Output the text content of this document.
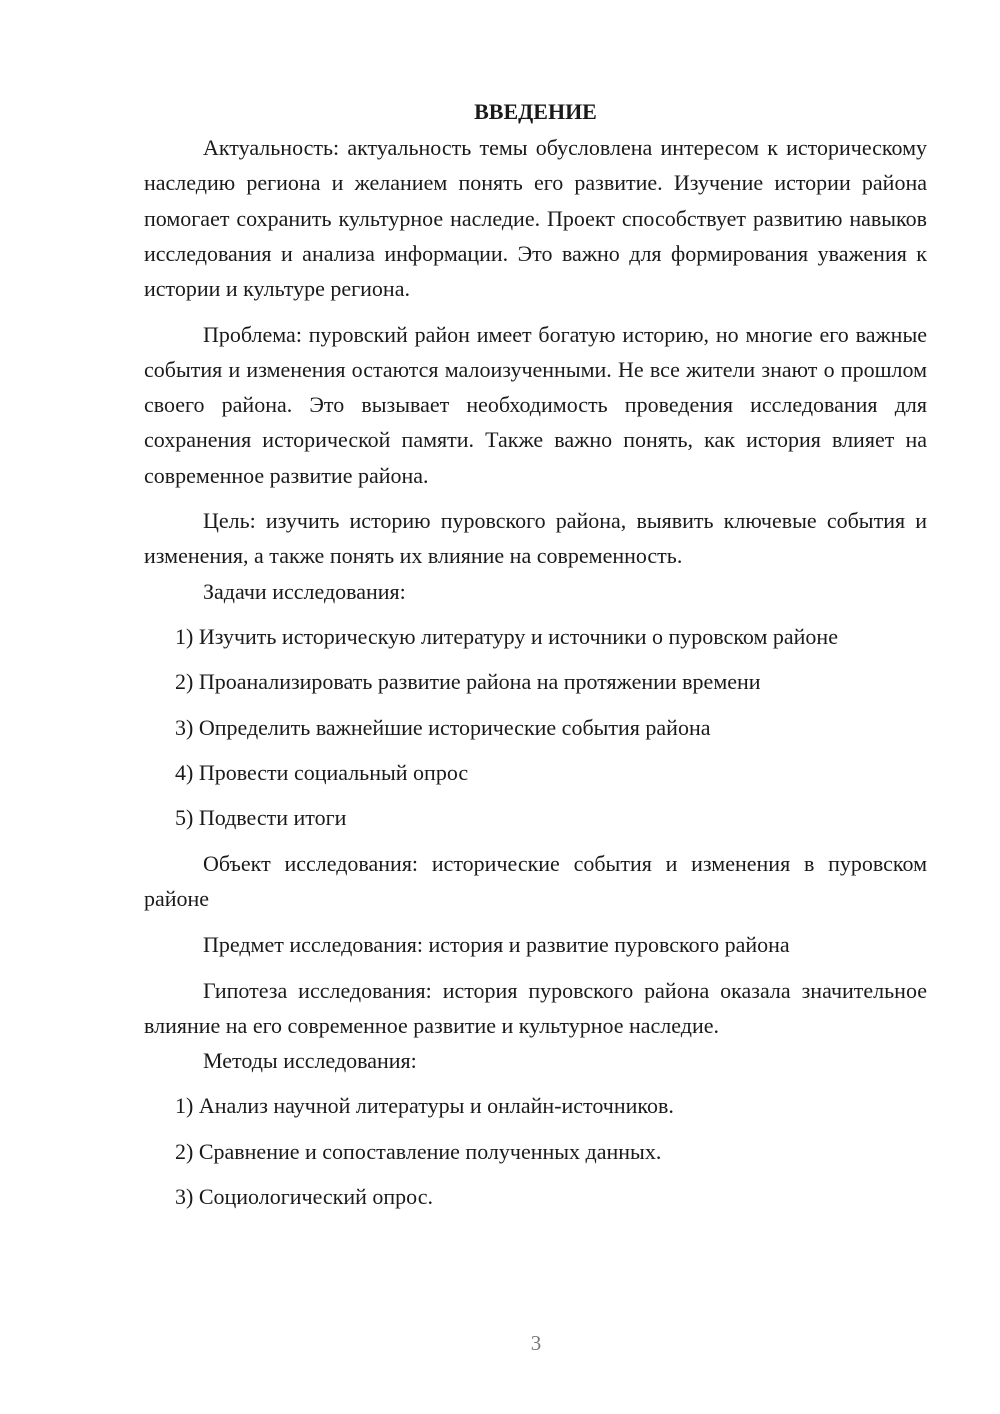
ВВЕДЕНИЕ

Актуальность: актуальность темы обусловлена интересом к историческому наследию региона и желанием понять его развитие. Изучение истории района помогает сохранить культурное наследие. Проект способствует развитию навыков исследования и анализа информации. Это важно для формирования уважения к истории и культуре региона.

Проблема: пуровский район имеет богатую историю, но многие его важные события и изменения остаются малоизученными. Не все жители знают о прошлом своего района. Это вызывает необходимость проведения исследования для сохранения исторической памяти. Также важно понять, как история влияет на современное развитие района.

Цель: изучить историю пуровского района, выявить ключевые события и изменения, а также понять их влияние на современность.

Задачи исследования:

1) Изучить историческую литературу и источники о пуровском районе
2) Проанализировать развитие района на протяжении времени
3) Определить важнейшие исторические события района
4) Провести социальный опрос
5) Подвести итоги

Объект исследования: исторические события и изменения в пуровском районе

Предмет исследования: история и развитие пуровского района

Гипотеза исследования: история пуровского района оказала значительное влияние на его современное развитие и культурное наследие.

Методы исследования:

1) Анализ научной литературы и онлайн-источников.
2) Сравнение и сопоставление полученных данных.
3) Социологический опрос.
3
